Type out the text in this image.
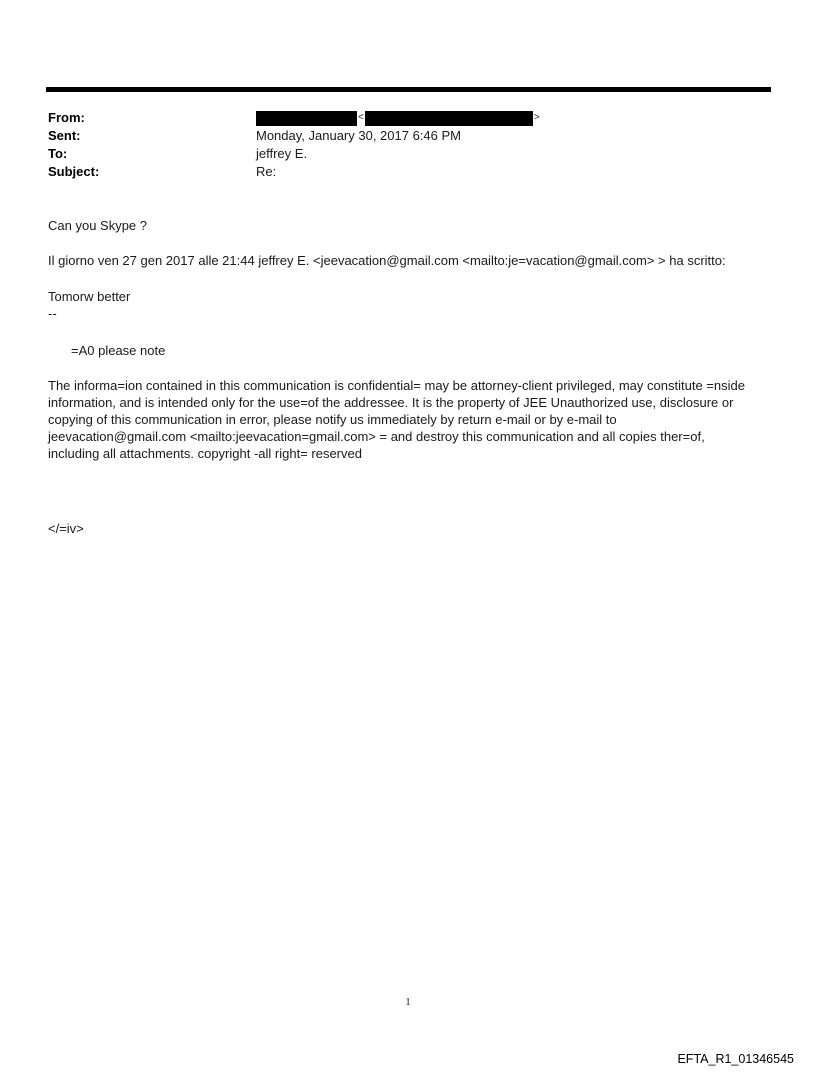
From:	<	>
Sent:	Monday, January 30, 2017 6:46 PM
To:	jeffrey E.
Subject:	Re:
Can you Skype ?
Il giorno ven 27 gen 2017 alle 21:44 jeffrey E. <jeevacation@gmail.com <mailto:je=vacation@gmail.com> > ha scritto:
Tomorw better
--
=A0 please note
The informa=ion contained in this communication is confidential= may be attorney-client privileged, may constitute =nside information, and is intended only for the use=of the addressee. It is the property of JEE Unauthorized use, disclosure or copying of this communication in error, please notify us immediately by return e-mail or by e-mail to jeevacation@gmail.com <mailto:jeevacation=gmail.com> = and destroy this communication and all copies ther=of, including all attachments. copyright -all right= reserved
</=iv>
1
EFTA_R1_01346545
